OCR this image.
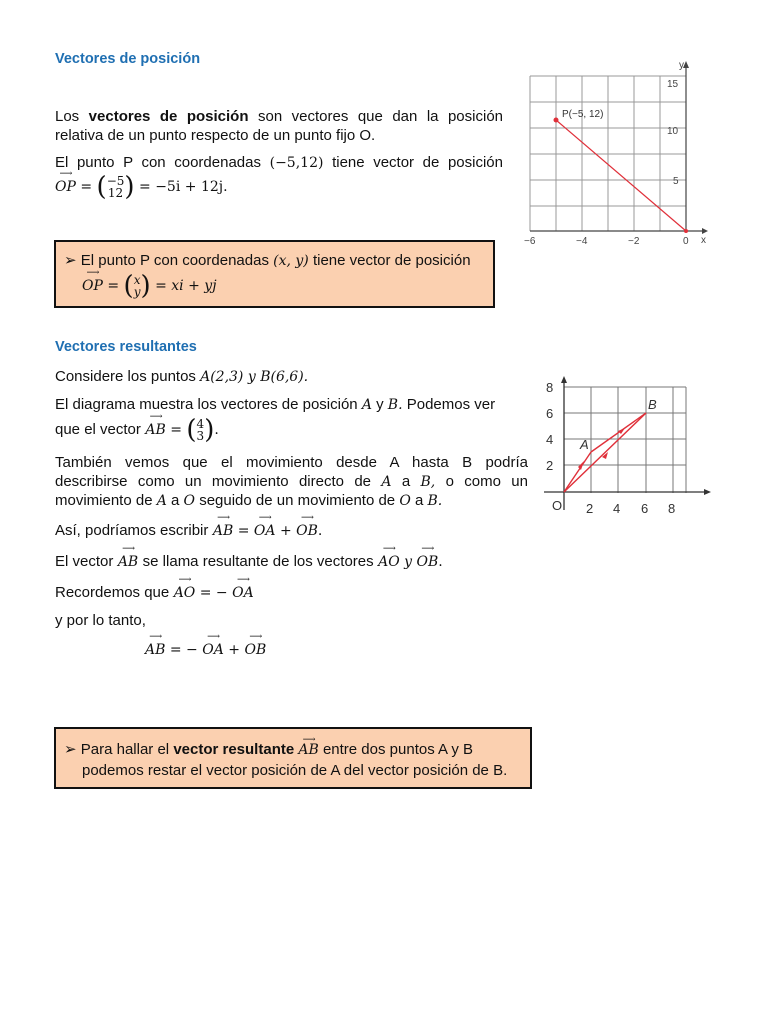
Vectores de posición
Los vectores de posición son vectores que dan la posición
relativa de un punto respecto de un punto fijo O.
El punto P con coordenadas (−5,12) tiene vector de posición
⟶ OP = ( −5
12 ) = −5i + 12j.
➢ El punto P con coordenadas (x, y) tiene vector de posición
⟶ OP = ( x
y ) = xi + yj
P(−5, 12)
y
x
15
10
5
−6	−4	−2	0
Vectores resultantes
Considere los puntos A(2,3) y B(6,6).
El diagrama muestra los vectores de posición A y B. Podemos ver
que el vector ⟶ AB = ( 4
3 ).
También vemos que el movimiento desde A hasta B podría
describirse como un movimiento directo de A a B, o como un
movimiento de A a O seguido de un movimiento de O a B.
Así, podríamos escribir ⟶ AB = ⟶ OA + ⟶ OB.
El vector ⟶ AB se llama resultante de los vectores ⟶ AO y ⟶ OB.
Recordemos que ⟶ AO = − ⟶ OA
y por lo tanto,
⟶ AB = − ⟶ OA + ⟶ OB
➢ Para hallar el vector resultante ⟶ AB entre dos puntos A y B
podemos restar el vector posición de A del vector posición de B.
A
B
O 2 4 6 8
8
6
4
2
